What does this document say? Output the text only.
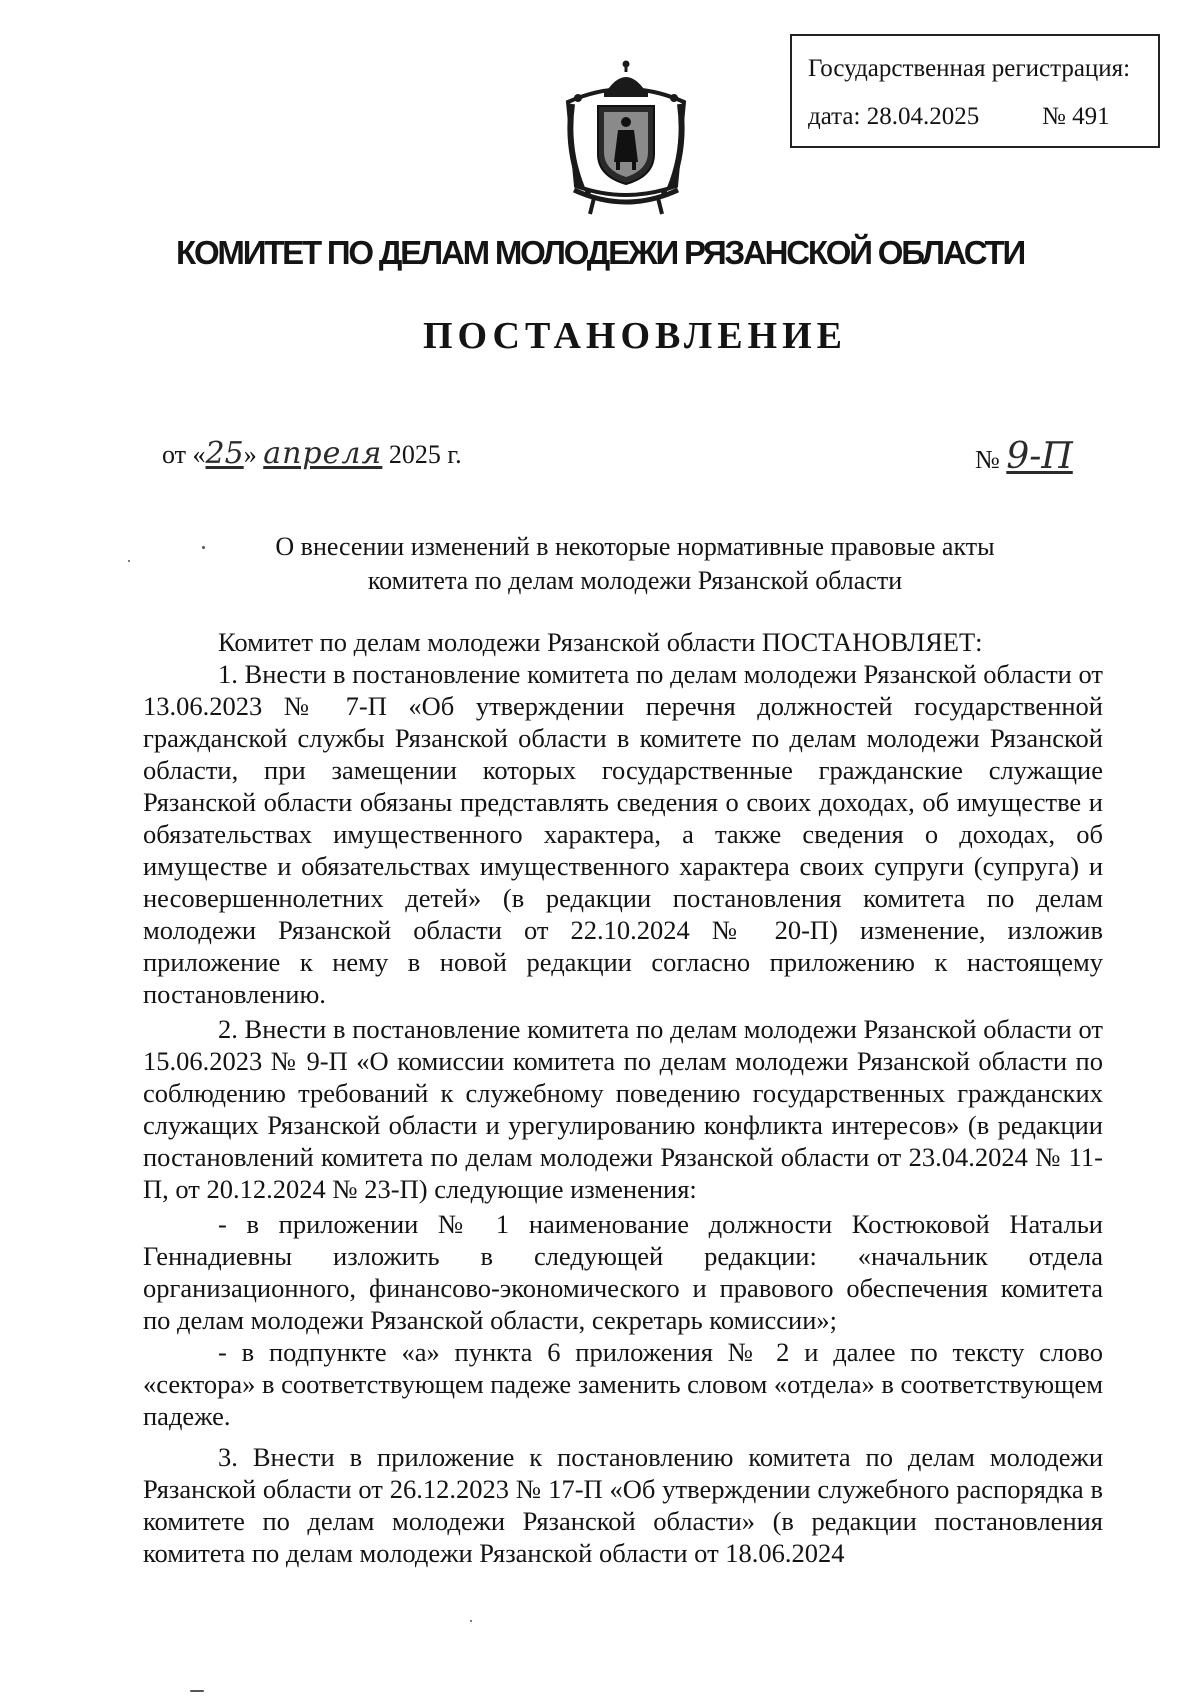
Государственная регистрация:
дата: 28.04.2025	№ 491
КОМИТЕТ ПО ДЕЛАМ МОЛОДЕЖИ РЯЗАНСКОЙ ОБЛАСТИ
ПОСТАНОВЛЕНИЕ
от «25» апреля 2025 г.	№ 9-П
О внесении изменений в некоторые нормативные правовые акты
комитета по делам молодежи Рязанской области

Комитет по делам молодежи Рязанской области ПОСТАНОВЛЯЕТ:

1. Внести в постановление комитета по делам молодежи Рязанской области от 13.06.2023 № 7-П «Об утверждении перечня должностей государственной гражданской службы Рязанской области в комитете по делам молодежи Рязанской области, при замещении которых государственные гражданские служащие Рязанской области обязаны представлять сведения о своих доходах, об имуществе и обязательствах имущественного характера, а также сведения о доходах, об имуществе и обязательствах имущественного характера своих супруги (супруга) и несовершеннолетних детей» (в редакции постановления комитета по делам молодежи Рязанской области от 22.10.2024 № 20-П) изменение, изложив приложение к нему в новой редакции согласно приложению к настоящему постановлению.

2. Внести в постановление комитета по делам молодежи Рязанской области от 15.06.2023 № 9-П «О комиссии комитета по делам молодежи Рязанской области по соблюдению требований к служебному поведению государственных гражданских служащих Рязанской области и урегулированию конфликта интересов» (в редакции постановлений комитета по делам молодежи Рязанской области от 23.04.2024 № 11-П, от 20.12.2024 № 23-П) следующие изменения:

- в приложении № 1 наименование должности Костюковой Натальи Геннадиевны изложить в следующей редакции: «начальник отдела организационного, финансово-экономического и правового обеспечения комитета по делам молодежи Рязанской области, секретарь комиссии»;

- в подпункте «а» пункта 6 приложения № 2 и далее по тексту слово «сектора» в соответствующем падеже заменить словом «отдела» в соответствующем падеже.

3. Внести в приложение к постановлению комитета по делам молодежи Рязанской области от 26.12.2023 № 17-П «Об утверждении служебного распорядка в комитете по делам молодежи Рязанской области» (в редакции постановления комитета по делам молодежи Рязанской области от 18.06.2024
